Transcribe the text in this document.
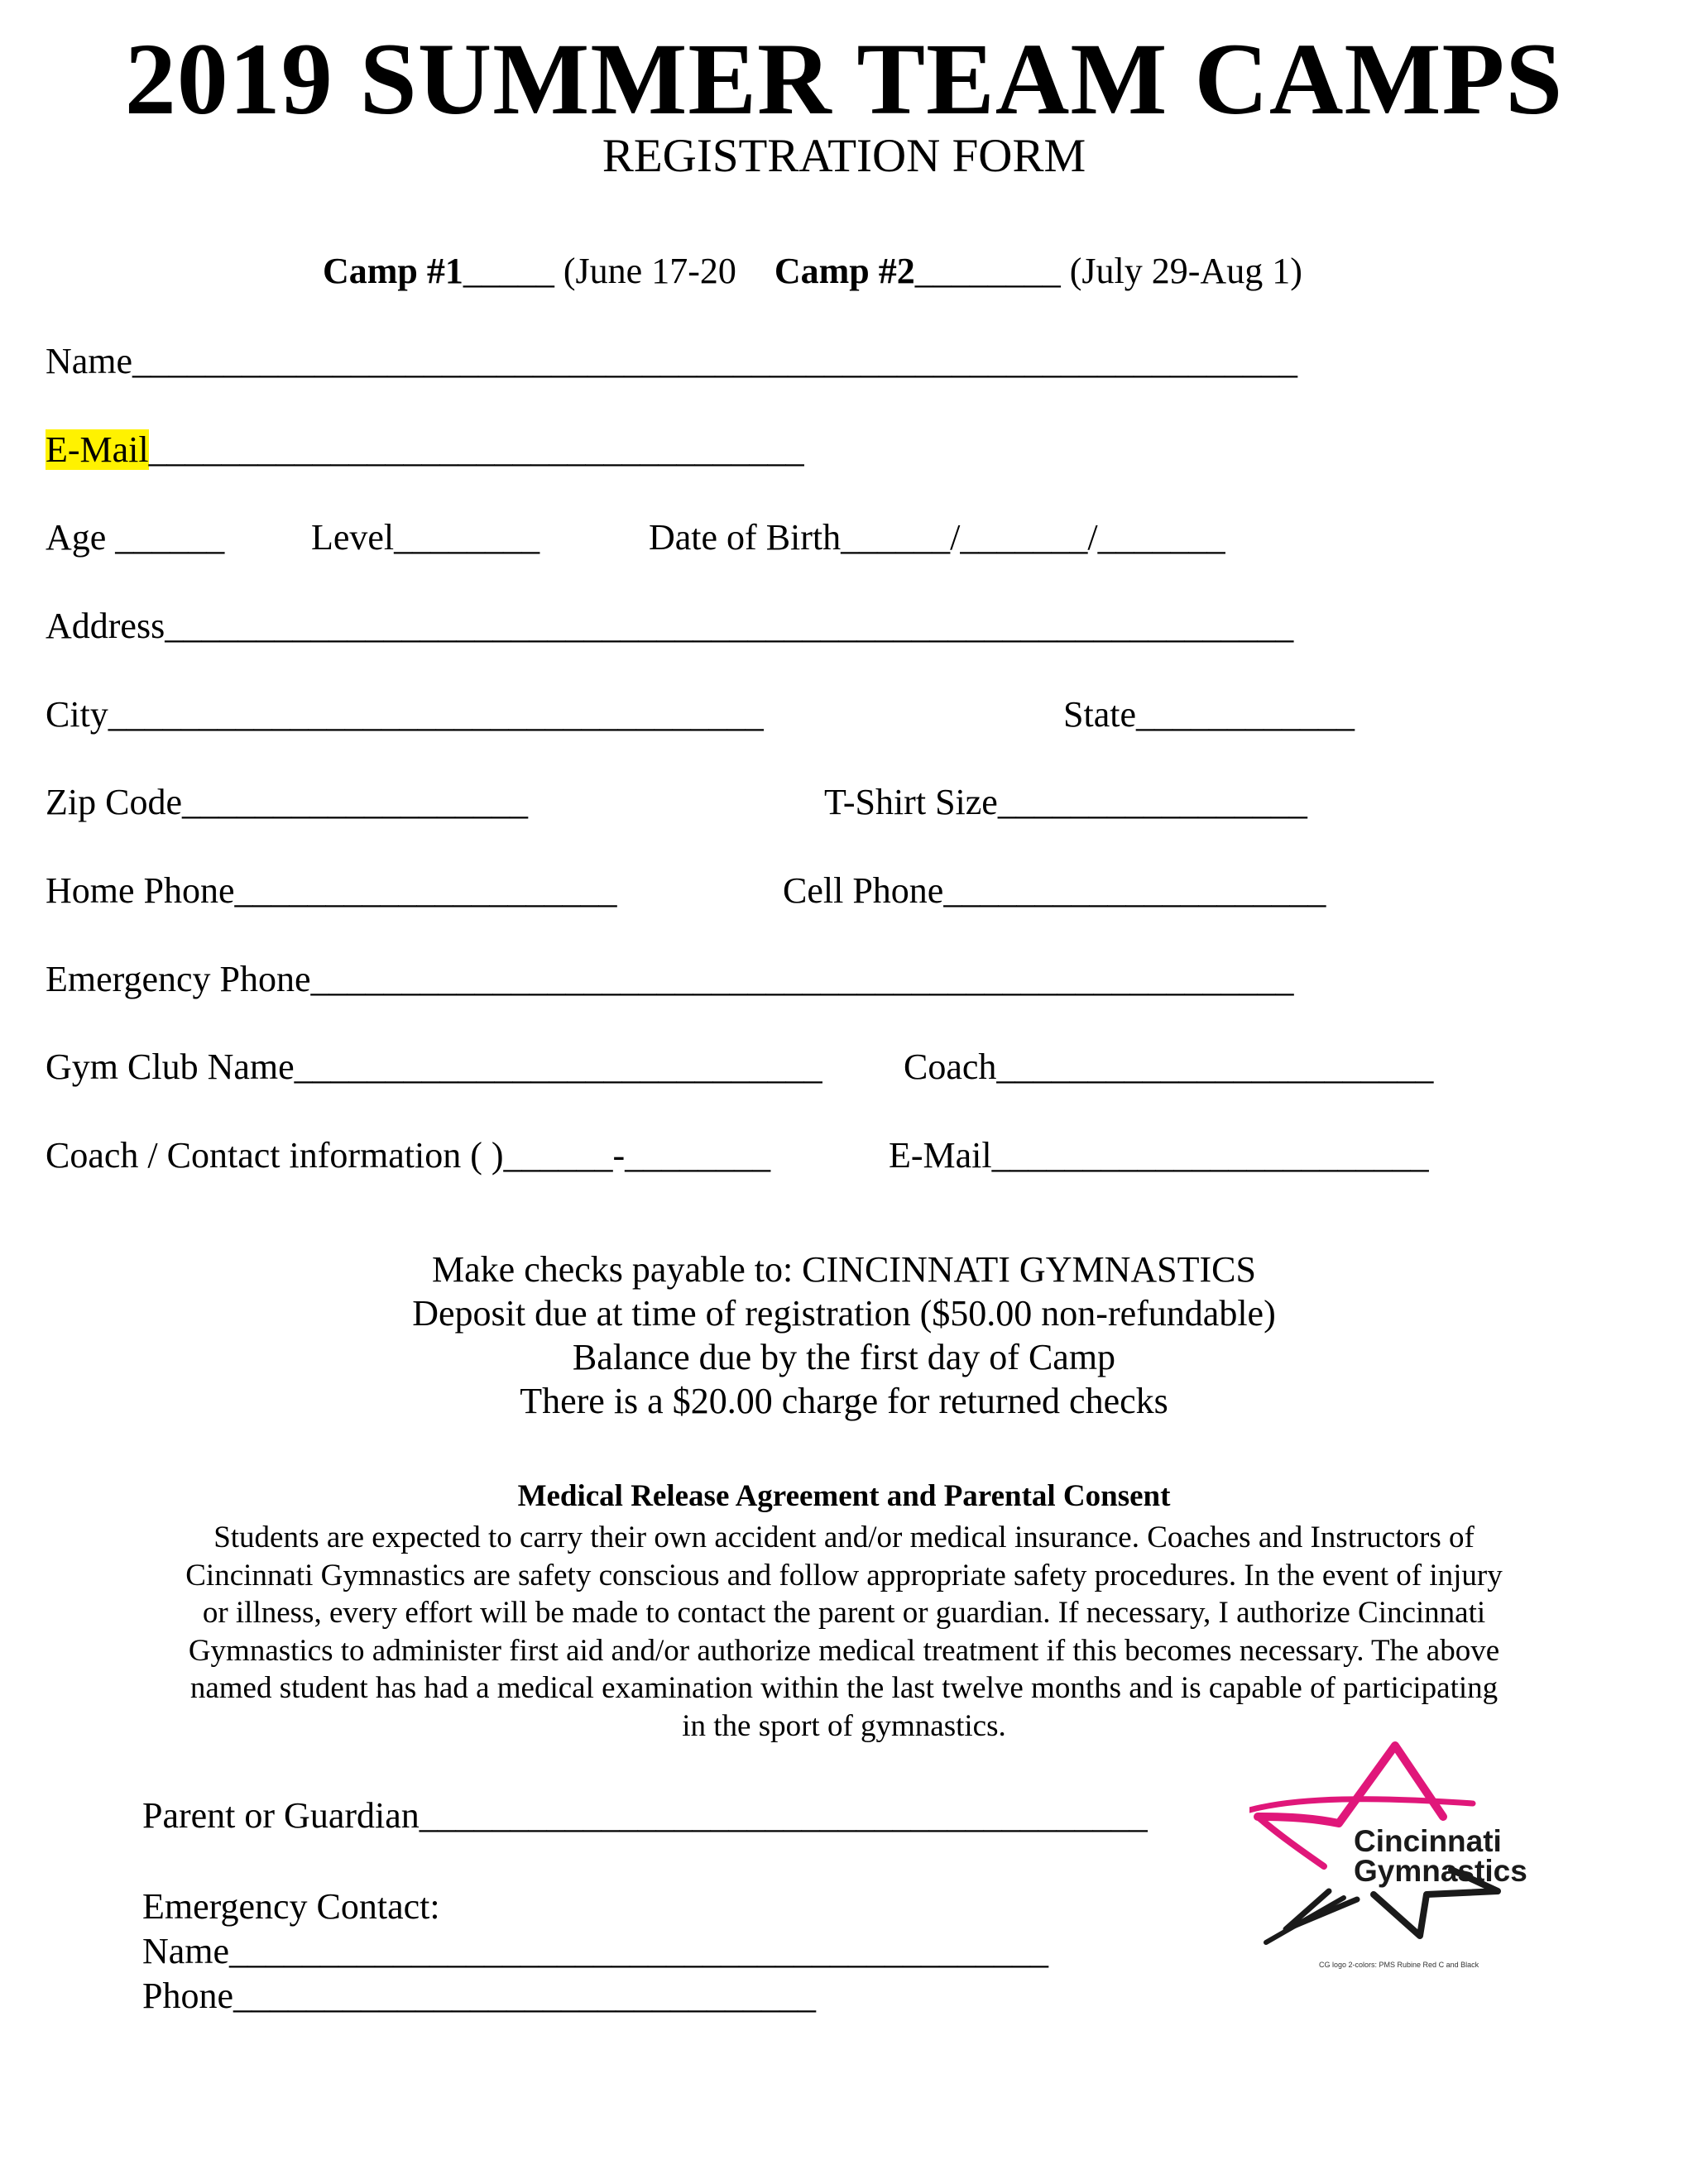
2019 SUMMER TEAM CAMPS
REGISTRATION FORM
Camp #1_____ (June 17-20 Camp #2________ (July 29-Aug 1)
Name________________________________________________________________
E-Mail____________________________________
Age ______ Level________	Date of Birth______/_______/_______
Address______________________________________________________________
City____________________________________	State____________
Zip Code___________________	T-Shirt Size_________________
Home Phone_____________________	Cell Phone_____________________
Emergency Phone______________________________________________________
Gym Club Name_____________________________ Coach________________________
Coach / Contact information ( )______-________	E-Mail________________________
Make checks payable to: CINCINNATI GYMNASTICS
Deposit due at time of registration ($50.00 non-refundable)
Balance due by the first day of Camp
There is a $20.00 charge for returned checks
Medical Release Agreement and Parental Consent
Students are expected to carry their own accident and/or medical insurance. Coaches and Instructors of
Cincinnati Gymnastics are safety conscious and follow appropriate safety procedures. In the event of injury
or illness, every effort will be made to contact the parent or guardian. If necessary, I authorize Cincinnati
Gymnastics to administer first aid and/or authorize medical treatment if this becomes necessary. The above
named student has had a medical examination within the last twelve months and is capable of participating
in the sport of gymnastics.
Parent or Guardian________________________________________
Emergency Contact:
Name_____________________________________________
Phone________________________________
Cincinnati
Gymnastics
CG logo 2-colors: PMS Rubine Red C and Black
